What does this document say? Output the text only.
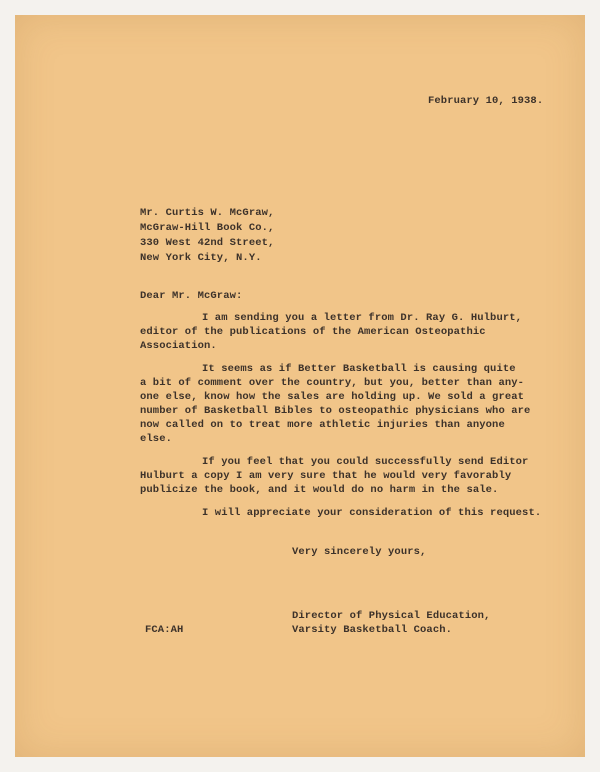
February 10, 1938.
Mr. Curtis W. McGraw,
McGraw-Hill Book Co.,
330 West 42nd Street,
New York City, N.Y.
Dear Mr. McGraw:
I am sending you a letter from Dr. Ray G. Hulburt,
editor of the publications of the American Osteopathic
Association.
It seems as if Better Basketball is causing quite
a bit of comment over the country, but you, better than any-
one else, know how the sales are holding up. We sold a great
number of Basketball Bibles to osteopathic physicians who are
now called on to treat more athletic injuries than anyone
else.
If you feel that you could successfully send Editor
Hulburt a copy I am very sure that he would very favorably
publicize the book, and it would do no harm in the sale.
I will appreciate your consideration of this request.
Very sincerely yours,
Director of Physical Education,
FCA:AH	Varsity Basketball Coach.
